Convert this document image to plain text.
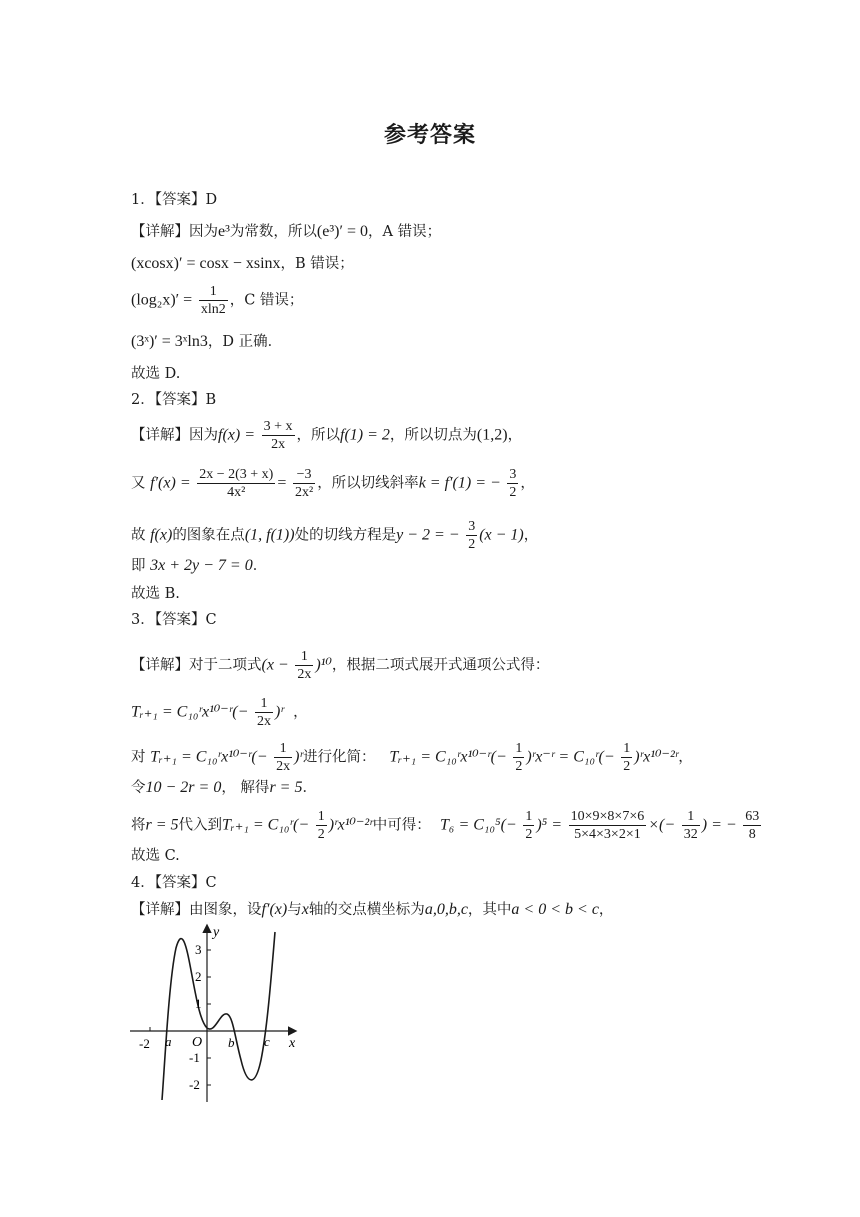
参考答案
1．【答案】D
【详解】因为e³为常数，所以(e³)′ = 0，A 错误；
(xcosx)′ = cosx − xsinx，B 错误；
$(\log_2x)' = \frac{1}{xln2}$ ，C 错误；
(3ˣ)′ = 3ˣln3，D 正确．
故选 D.
2．【答案】B
【详解】因为$f(x) = \frac{3 + x}{2x}$ ，所以f(1) = 2，所以切点为(1,2)，
又 $f'(x) = \frac{2x - 2(3 + x)}{\text{4x²}} = \frac{-3}{\text{2x²}}$ ，所以切线斜率k = f′(1) = − $\frac{3}{2}$ ，
故 f(x)的图象在点(1, f(1))处的切线方程是y − 2 = − $\frac{3}{2} (x - 1)$，
即 3x + 2y − 7 = 0．
故选 B.
3．【答案】C
【详解】对于二项式$(x - \frac{1}{2x} )^{10}$，根据二项式展开式通项公式得：
Tᵣ₊₁ = C₁₀ʳx¹⁰⁻ʳ(− $\frac{1}{2x}$ )ʳ ，
对 Tᵣ₊₁ = C₁₀ʳx¹⁰⁻ʳ(− $\frac{1}{2x}$ )ʳ进行化简： Tᵣ₊₁ = C₁₀ʳx¹⁰⁻ʳ(− $\frac{1}{2}$ )ʳx⁻ʳ = C₁₀ʳ(− $\frac{1}{2}$ )ʳx¹⁰⁻²ʳ，
令10 − 2r = 0， 解得r = 5．
将r = 5代入到Tᵣ₊₁ = C₁₀ʳ(− $\frac{1}{2}$ )ʳx¹⁰⁻²ʳ中可得： $T_6 = C_{10}^5(- \frac{1}{2} )^5 = \frac{10\times 9\times 8\times 7\times 6}{5\times 4\times 3\times 2\times 1}$ ×(− $\frac{1}{32}$ ) = − $\frac{63}{8}$
故选 C.
4．【答案】C
【详解】由图象，设f′(x)与x轴的交点横坐标为a,0,b,c，其中a < 0 < b < c，
y
x
O
a	b c
-2
3
2
1
-1
-2
